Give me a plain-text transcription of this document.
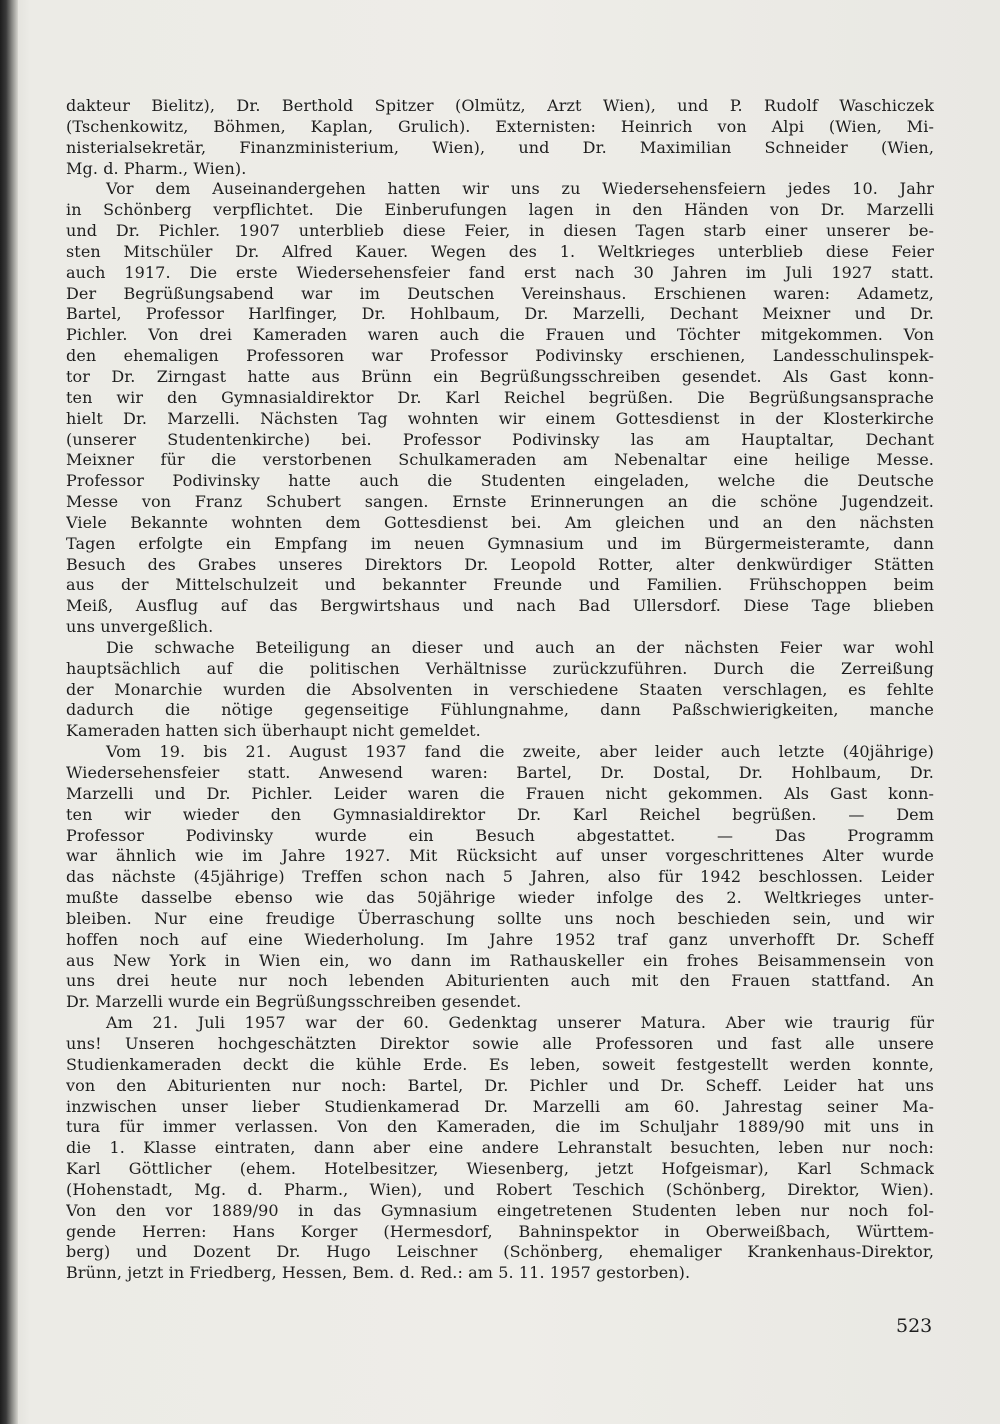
dakteur Bielitz), Dr. Berthold Spitzer (Olmütz, Arzt Wien), und P. Rudolf Waschiczek
(Tschenkowitz, Böhmen, Kaplan, Grulich). Externisten: Heinrich von Alpi (Wien, Mi-
nisterialsekretär, Finanzministerium, Wien), und Dr. Maximilian Schneider (Wien,
Mg. d. Pharm., Wien).
Vor dem Auseinandergehen hatten wir uns zu Wiedersehensfeiern jedes 10. Jahr
in Schönberg verpflichtet. Die Einberufungen lagen in den Händen von Dr. Marzelli
und Dr. Pichler. 1907 unterblieb diese Feier, in diesen Tagen starb einer unserer be-
sten Mitschüler Dr. Alfred Kauer. Wegen des 1. Weltkrieges unterblieb diese Feier
auch 1917. Die erste Wiedersehensfeier fand erst nach 30 Jahren im Juli 1927 statt.
Der Begrüßungsabend war im Deutschen Vereinshaus. Erschienen waren: Adametz,
Bartel, Professor Harlfinger, Dr. Hohlbaum, Dr. Marzelli, Dechant Meixner und Dr.
Pichler. Von drei Kameraden waren auch die Frauen und Töchter mitgekommen. Von
den ehemaligen Professoren war Professor Podivinsky erschienen, Landesschulinspek-
tor Dr. Zirngast hatte aus Brünn ein Begrüßungsschreiben gesendet. Als Gast konn-
ten wir den Gymnasialdirektor Dr. Karl Reichel begrüßen. Die Begrüßungsansprache
hielt Dr. Marzelli. Nächsten Tag wohnten wir einem Gottesdienst in der Klosterkirche
(unserer Studentenkirche) bei. Professor Podivinsky las am Hauptaltar, Dechant
Meixner für die verstorbenen Schulkameraden am Nebenaltar eine heilige Messe.
Professor Podivinsky hatte auch die Studenten eingeladen, welche die Deutsche
Messe von Franz Schubert sangen. Ernste Erinnerungen an die schöne Jugendzeit.
Viele Bekannte wohnten dem Gottesdienst bei. Am gleichen und an den nächsten
Tagen erfolgte ein Empfang im neuen Gymnasium und im Bürgermeisteramte, dann
Besuch des Grabes unseres Direktors Dr. Leopold Rotter, alter denkwürdiger Stätten
aus der Mittelschulzeit und bekannter Freunde und Familien. Frühschoppen beim
Meiß, Ausflug auf das Bergwirtshaus und nach Bad Ullersdorf. Diese Tage blieben
uns unvergeßlich.
Die schwache Beteiligung an dieser und auch an der nächsten Feier war wohl
hauptsächlich auf die politischen Verhältnisse zurückzuführen. Durch die Zerreißung
der Monarchie wurden die Absolventen in verschiedene Staaten verschlagen, es fehlte
dadurch die nötige gegenseitige Fühlungnahme, dann Paßschwierigkeiten, manche
Kameraden hatten sich überhaupt nicht gemeldet.
Vom 19. bis 21. August 1937 fand die zweite, aber leider auch letzte (40jährige)
Wiedersehensfeier statt. Anwesend waren: Bartel, Dr. Dostal, Dr. Hohlbaum, Dr.
Marzelli und Dr. Pichler. Leider waren die Frauen nicht gekommen. Als Gast konn-
ten wir wieder den Gymnasialdirektor Dr. Karl Reichel begrüßen. — Dem
Professor Podivinsky wurde ein Besuch abgestattet. — Das Programm
war ähnlich wie im Jahre 1927. Mit Rücksicht auf unser vorgeschrittenes Alter wurde
das nächste (45jährige) Treffen schon nach 5 Jahren, also für 1942 beschlossen. Leider
mußte dasselbe ebenso wie das 50jährige wieder infolge des 2. Weltkrieges unter-
bleiben. Nur eine freudige Überraschung sollte uns noch beschieden sein, und wir
hoffen noch auf eine Wiederholung. Im Jahre 1952 traf ganz unverhofft Dr. Scheff
aus New York in Wien ein, wo dann im Rathauskeller ein frohes Beisammensein von
uns drei heute nur noch lebenden Abiturienten auch mit den Frauen stattfand. An
Dr. Marzelli wurde ein Begrüßungsschreiben gesendet.
Am 21. Juli 1957 war der 60. Gedenktag unserer Matura. Aber wie traurig für
uns! Unseren hochgeschätzten Direktor sowie alle Professoren und fast alle unsere
Studienkameraden deckt die kühle Erde. Es leben, soweit festgestellt werden konnte,
von den Abiturienten nur noch: Bartel, Dr. Pichler und Dr. Scheff. Leider hat uns
inzwischen unser lieber Studienkamerad Dr. Marzelli am 60. Jahrestag seiner Ma-
tura für immer verlassen. Von den Kameraden, die im Schuljahr 1889/90 mit uns in
die 1. Klasse eintraten, dann aber eine andere Lehranstalt besuchten, leben nur noch:
Karl Göttlicher (ehem. Hotelbesitzer, Wiesenberg, jetzt Hofgeismar), Karl Schmack
(Hohenstadt, Mg. d. Pharm., Wien), und Robert Teschich (Schönberg, Direktor, Wien).
Von den vor 1889/90 in das Gymnasium eingetretenen Studenten leben nur noch fol-
gende Herren: Hans Korger (Hermesdorf, Bahninspektor in Oberweißbach, Württem-
berg) und Dozent Dr. Hugo Leischner (Schönberg, ehemaliger Krankenhaus-Direktor,
Brünn, jetzt in Friedberg, Hessen, Bem. d. Red.: am 5. 11. 1957 gestorben).
523
